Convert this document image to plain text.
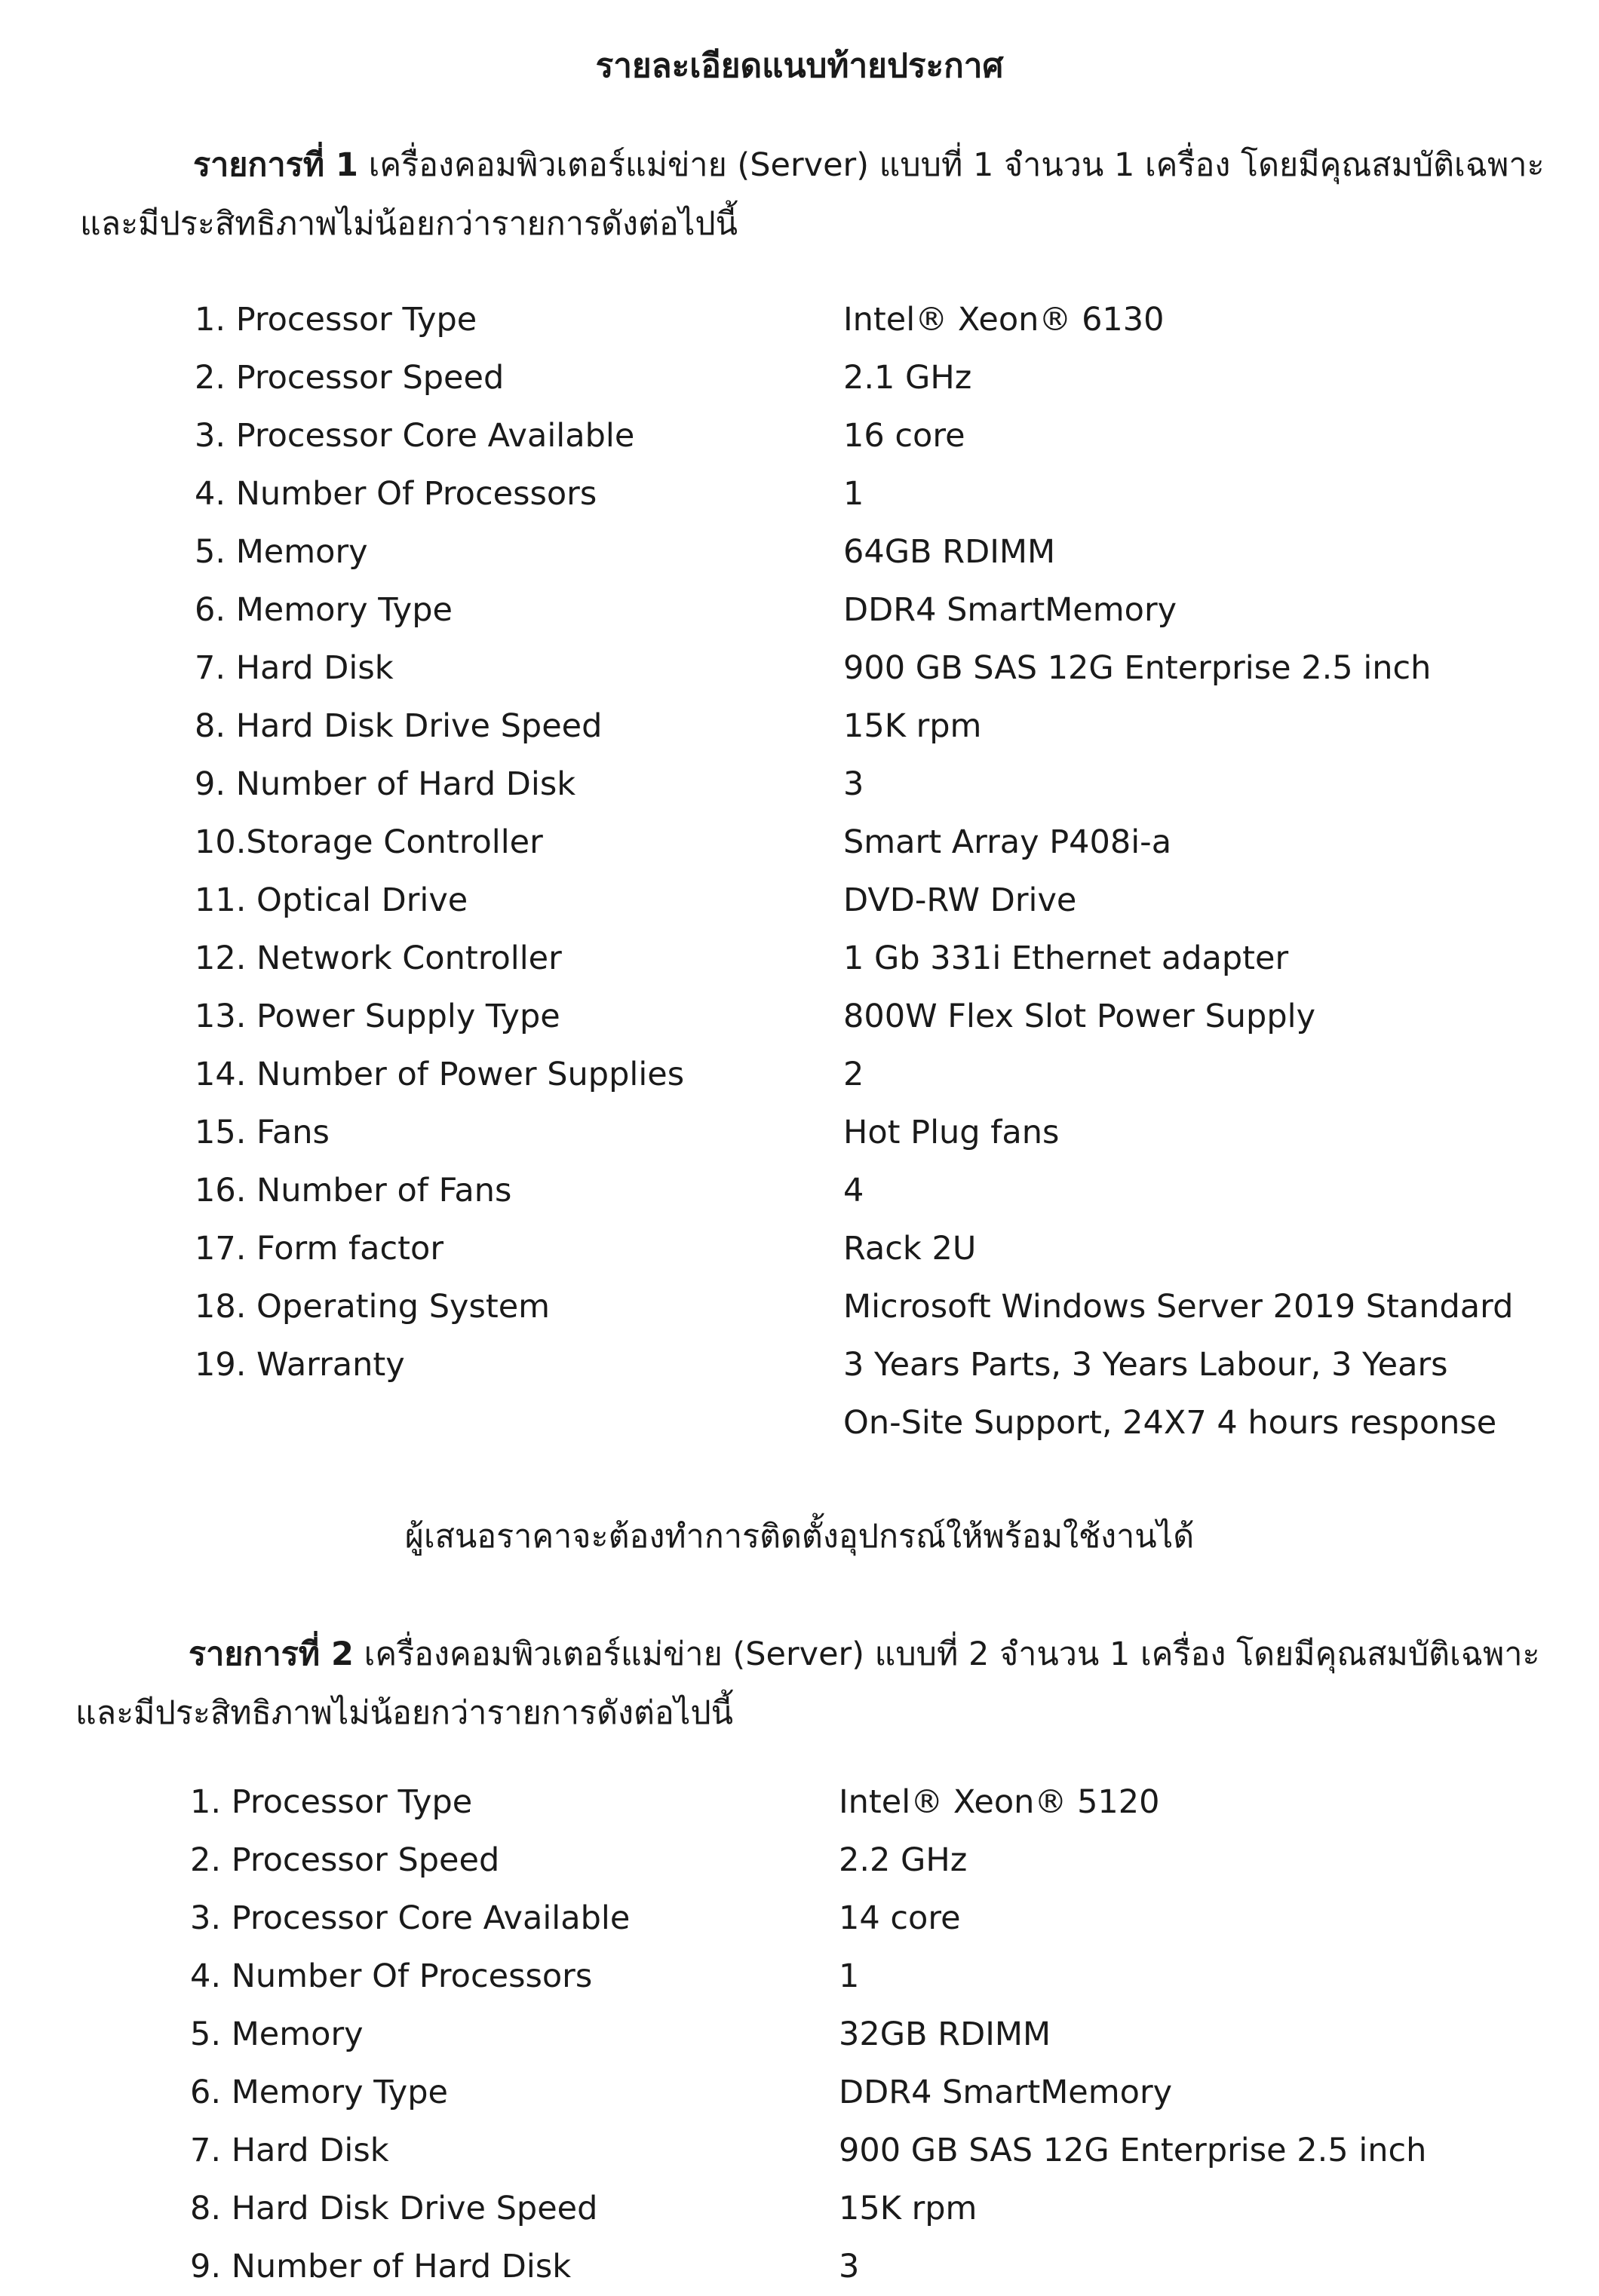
รายละเอียดแนบท้ายประกาศ
รายการที่ 1 เครื่องคอมพิวเตอร์แม่ข่าย (Server) แบบที่ 1 จำนวน 1 เครื่อง โดยมีคุณสมบัติเฉพาะ
และมีประสิทธิภาพไม่น้อยกว่ารายการดังต่อไปนี้
1. Processor Type	Intel® Xeon® 6130
2. Processor Speed	2.1 GHz
3. Processor Core Available	16 core
4. Number Of Processors	1
5. Memory	64GB RDIMM
6. Memory Type	DDR4 SmartMemory
7. Hard Disk	900 GB SAS 12G Enterprise 2.5 inch
8. Hard Disk Drive Speed	15K rpm
9. Number of Hard Disk	3
10.Storage Controller	Smart Array P408i-a
11. Optical Drive	DVD-RW Drive
12. Network Controller	1 Gb 331i Ethernet adapter
13. Power Supply Type	800W Flex Slot Power Supply
14. Number of Power Supplies	2
15. Fans	Hot Plug fans
16. Number of Fans	4
17. Form factor	Rack 2U
18. Operating System	Microsoft Windows Server 2019 Standard
19. Warranty	3 Years Parts, 3 Years Labour, 3 Years
On-Site Support, 24X7 4 hours response
ผู้เสนอราคาจะต้องทำการติดตั้งอุปกรณ์ให้พร้อมใช้งานได้
รายการที่ 2 เครื่องคอมพิวเตอร์แม่ข่าย (Server) แบบที่ 2 จำนวน 1 เครื่อง โดยมีคุณสมบัติเฉพาะ
และมีประสิทธิภาพไม่น้อยกว่ารายการดังต่อไปนี้
1. Processor Type	Intel® Xeon® 5120
2. Processor Speed	2.2 GHz
3. Processor Core Available	14 core
4. Number Of Processors	1
5. Memory	32GB RDIMM
6. Memory Type	DDR4 SmartMemory
7. Hard Disk	900 GB SAS 12G Enterprise 2.5 inch
8. Hard Disk Drive Speed	15K rpm
9. Number of Hard Disk	3
